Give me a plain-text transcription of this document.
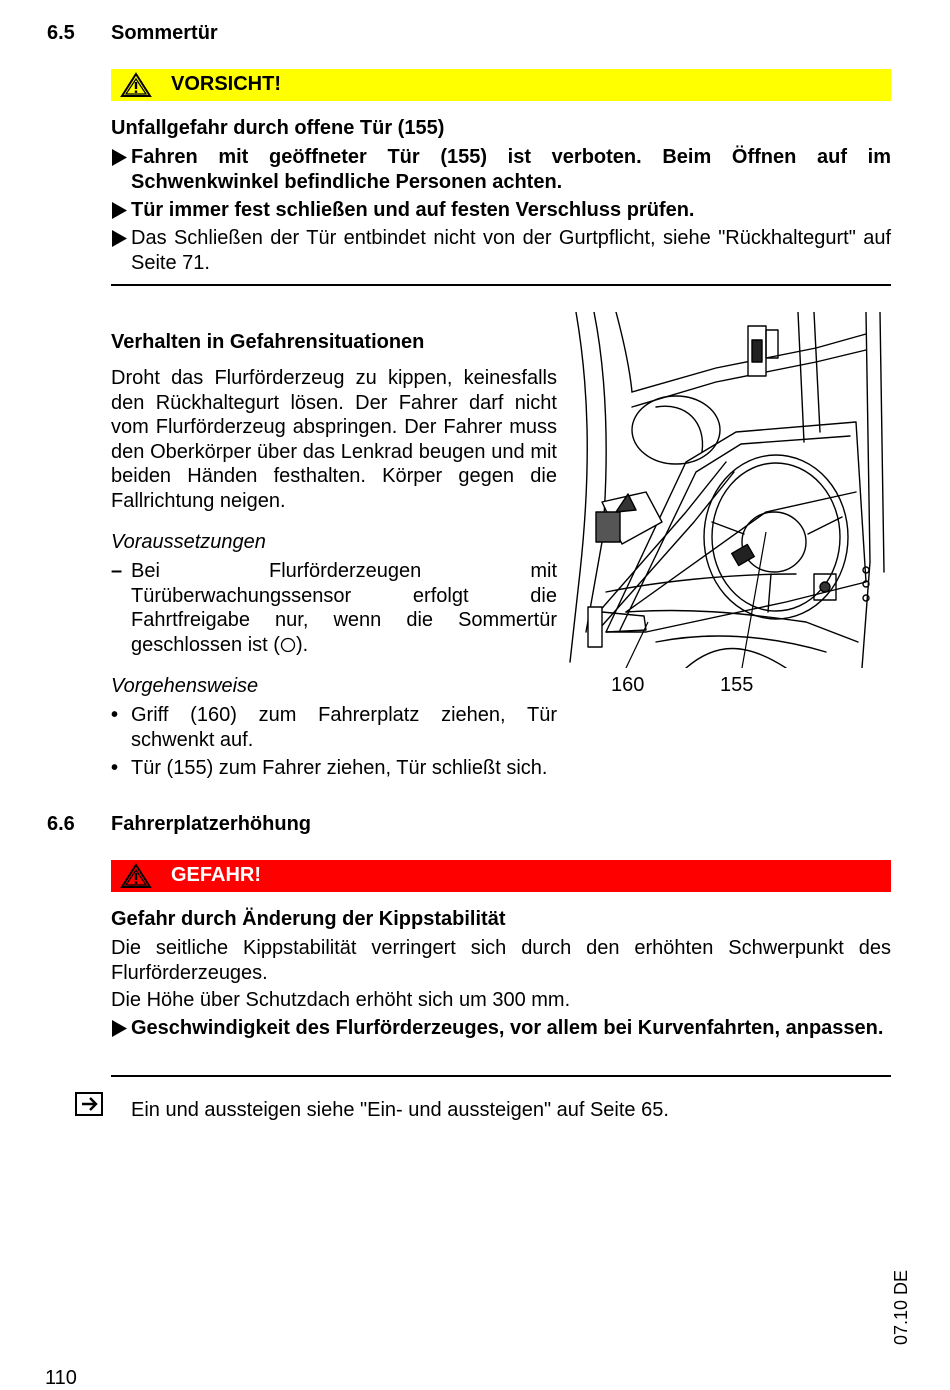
6.5 Sommertür
VORSICHT!
Unfallgefahr durch offene Tür (155)
Fahren mit geöffneter Tür (155) ist verboten. Beim Öffnen auf im Schwenkwinkel befindliche Personen achten.
Tür immer fest schließen und auf festen Verschluss prüfen.
Das Schließen der Tür entbindet nicht von der Gurtpflicht, siehe "Rückhaltegurt" auf Seite 71.
Verhalten in Gefahrensituationen
Droht das Flurförderzeug zu kippen, keinesfalls den Rückhaltegurt lösen. Der Fahrer darf nicht vom Flurförderzeug abspringen. Der Fahrer muss den Oberkörper über das Lenkrad beugen und mit beiden Händen festhalten. Körper gegen die Fallrichtung neigen.
Voraussetzungen
– Bei Flurförderzeugen mit Türüberwachungssensor erfolgt die Fahrtfreigabe nur, wenn die Sommertür geschlossen ist ( ).
Vorgehensweise
• Griff (160) zum Fahrerplatz ziehen, Tür schwenkt auf.
• Tür (155) zum Fahrer ziehen, Tür schließt sich.
160	155
6.6 Fahrerplatzerhöhung
GEFAHR!
Gefahr durch Änderung der Kippstabilität
Die seitliche Kippstabilität verringert sich durch den erhöhten Schwerpunkt des Flurförderzeuges.
Die Höhe über Schutzdach erhöht sich um 300 mm.
Geschwindigkeit des Flurförderzeuges, vor allem bei Kurvenfahrten, anpassen.
Ein und aussteigen siehe "Ein- und aussteigen" auf Seite 65.
110
07.10 DE
